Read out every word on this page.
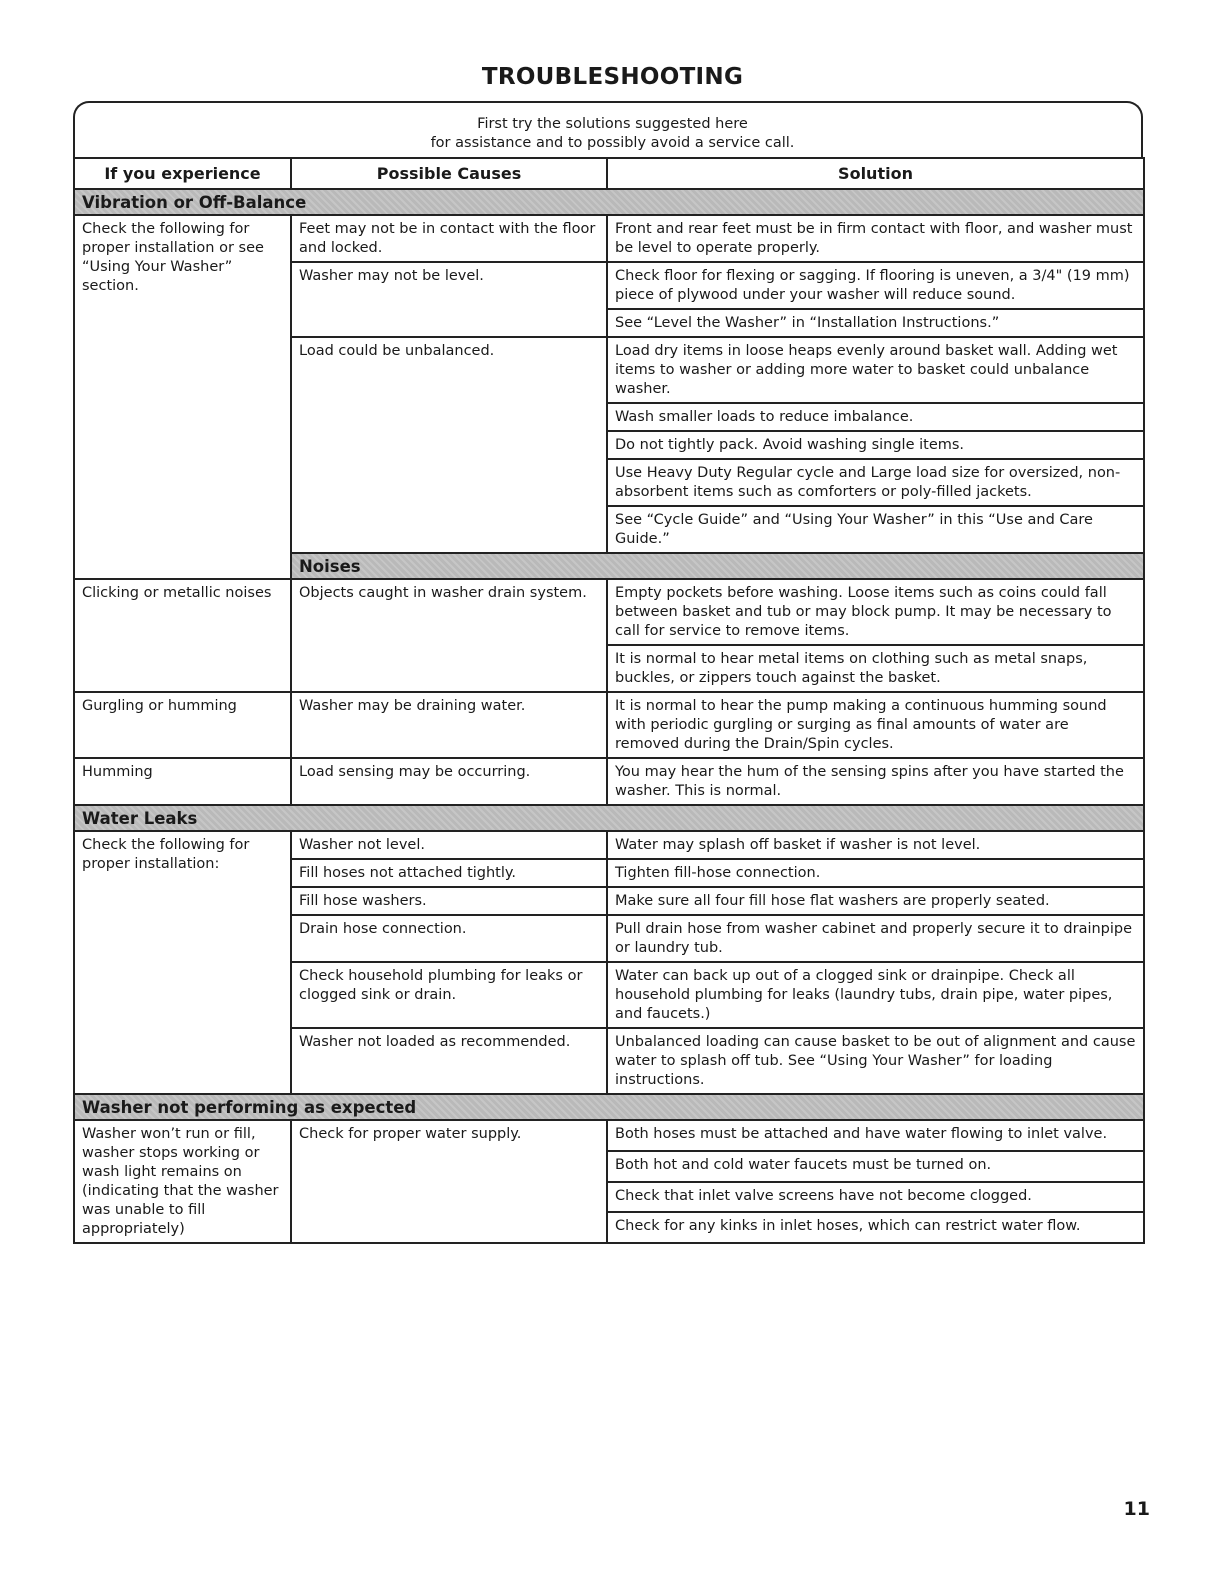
TROUBLESHOOTING
First try the solutions suggested here
for assistance and to possibly avoid a service call.
If you experience	Possible Causes	Solution
Vibration or Off-Balance		
Check the following for proper installation or see “Using Your Washer” section.	Feet may not be in contact with the floor and locked.	Front and rear feet must be in firm contact with floor, and washer must be level to operate properly.
	Washer may not be level.	Check floor for flexing or sagging. If flooring is uneven, a 3/4" (19 mm) piece of plywood under your washer will reduce sound.
		See “Level the Washer” in “Installation Instructions.”
	Load could be unbalanced.	Load dry items in loose heaps evenly around basket wall. Adding wet items to washer or adding more water to basket could unbalance washer.
		Wash smaller loads to reduce imbalance.
		Do not tightly pack. Avoid washing single items.
		Use Heavy Duty Regular cycle and Large load size for oversized, non-absorbent items such as comforters or poly-filled jackets.
		See “Cycle Guide” and “Using Your Washer” in this “Use and Care Guide.”
	Noises	
Clicking or metallic noises	Objects caught in washer drain system.	Empty pockets before washing. Loose items such as coins could fall between basket and tub or may block pump. It may be necessary to call for service to remove items.
		It is normal to hear metal items on clothing such as metal snaps, buckles, or zippers touch against the basket.
Gurgling or humming	Washer may be draining water.	It is normal to hear the pump making a continuous humming sound with periodic gurgling or surging as final amounts of water are removed during the Drain/Spin cycles.
Humming	Load sensing may be occurring.	You may hear the hum of the sensing spins after you have started the washer. This is normal.
Water Leaks		
Check the following for proper installation:	Washer not level.	Water may splash off basket if washer is not level.
	Fill hoses not attached tightly.	Tighten fill-hose connection.
	Fill hose washers.	Make sure all four fill hose flat washers are properly seated.
	Drain hose connection.	Pull drain hose from washer cabinet and properly secure it to drainpipe or laundry tub.
	Check household plumbing for leaks or clogged sink or drain.	Water can back up out of a clogged sink or drainpipe. Check all household plumbing for leaks (laundry tubs, drain pipe, water pipes, and faucets.)
	Washer not loaded as recommended.	Unbalanced loading can cause basket to be out of alignment and cause water to splash off tub. See “Using Your Washer” for loading instructions.
Washer not performing as expected		
Washer won’t run or fill, washer stops working or wash light remains on (indicating that the washer was unable to fill appropriately)	Check for proper water supply.	Both hoses must be attached and have water flowing to inlet valve.
		Both hot and cold water faucets must be turned on.
		Check that inlet valve screens have not become clogged.
		Check for any kinks in inlet hoses, which can restrict water flow.
11
